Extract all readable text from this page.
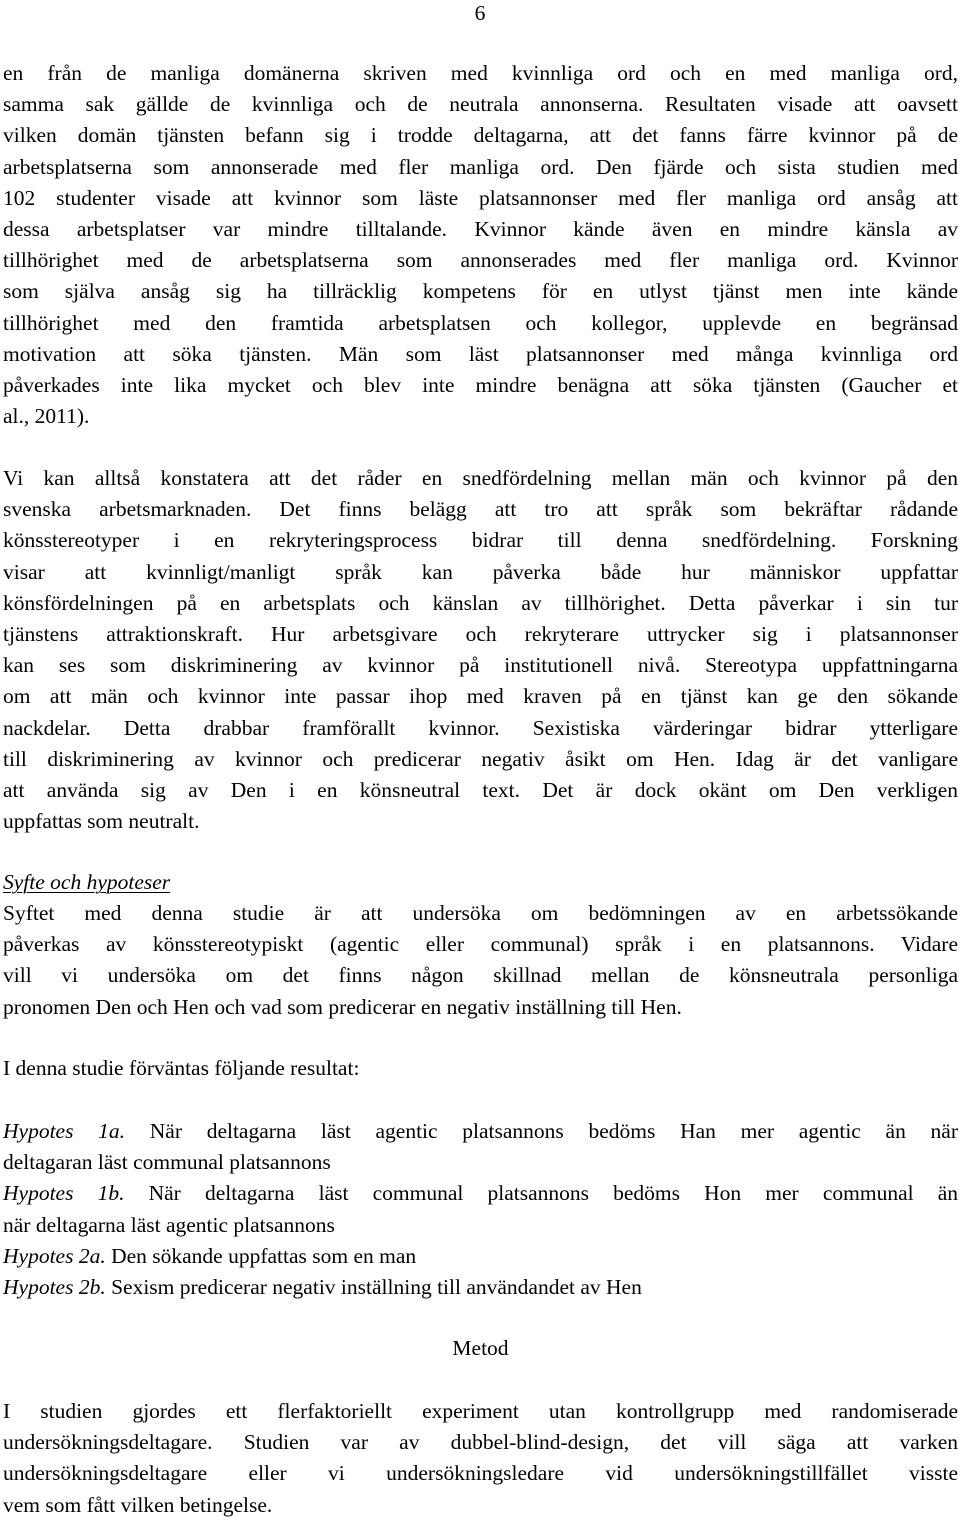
6
en från de manliga domänerna skriven med kvinnliga ord och en med manliga ord,
samma sak gällde de kvinnliga och de neutrala annonserna. Resultaten visade att oavsett
vilken domän tjänsten befann sig i trodde deltagarna, att det fanns färre kvinnor på de
arbetsplatserna som annonserade med fler manliga ord. Den fjärde och sista studien med
102 studenter visade att kvinnor som läste platsannonser med fler manliga ord ansåg att
dessa arbetsplatser var mindre tilltalande. Kvinnor kände även en mindre känsla av
tillhörighet med de arbetsplatserna som annonserades med fler manliga ord. Kvinnor
som själva ansåg sig ha tillräcklig kompetens för en utlyst tjänst men inte kände
tillhörighet med den framtida arbetsplatsen och kollegor, upplevde en begränsad
motivation att söka tjänsten. Män som läst platsannonser med många kvinnliga ord
påverkades inte lika mycket och blev inte mindre benägna att söka tjänsten (Gaucher et
al., 2011).
Vi kan alltså konstatera att det råder en snedfördelning mellan män och kvinnor på den
svenska arbetsmarknaden. Det finns belägg att tro att språk som bekräftar rådande
könsstereotyper i en rekryteringsprocess bidrar till denna snedfördelning. Forskning
visar att kvinnligt/manligt språk kan påverka både hur människor uppfattar
könsfördelningen på en arbetsplats och känslan av tillhörighet. Detta påverkar i sin tur
tjänstens attraktionskraft. Hur arbetsgivare och rekryterare uttrycker sig i platsannonser
kan ses som diskriminering av kvinnor på institutionell nivå. Stereotypa uppfattningarna
om att män och kvinnor inte passar ihop med kraven på en tjänst kan ge den sökande
nackdelar. Detta drabbar framförallt kvinnor. Sexistiska värderingar bidrar ytterligare
till diskriminering av kvinnor och predicerar negativ åsikt om Hen. Idag är det vanligare
att använda sig av Den i en könsneutral text. Det är dock okänt om Den verkligen
uppfattas som neutralt.
Syfte och hypoteser
Syftet med denna studie är att undersöka om bedömningen av en arbetssökande
påverkas av könsstereotypiskt (agentic eller communal) språk i en platsannons. Vidare
vill vi undersöka om det finns någon skillnad mellan de könsneutrala personliga
pronomen Den och Hen och vad som predicerar en negativ inställning till Hen.
I denna studie förväntas följande resultat:
Hypotes 1a. När deltagarna läst agentic platsannons bedöms Han mer agentic än när
deltagaran läst communal platsannons
Hypotes 1b. När deltagarna läst communal platsannons bedöms Hon mer communal än
när deltagarna läst agentic platsannons
Hypotes 2a. Den sökande uppfattas som en man
Hypotes 2b. Sexism predicerar negativ inställning till användandet av Hen
Metod
I studien gjordes ett flerfaktoriellt experiment utan kontrollgrupp med randomiserade
undersökningsdeltagare. Studien var av dubbel-blind-design, det vill säga att varken
undersökningsdeltagare eller vi undersökningsledare vid undersökningstillfället visste
vem som fått vilken betingelse.
